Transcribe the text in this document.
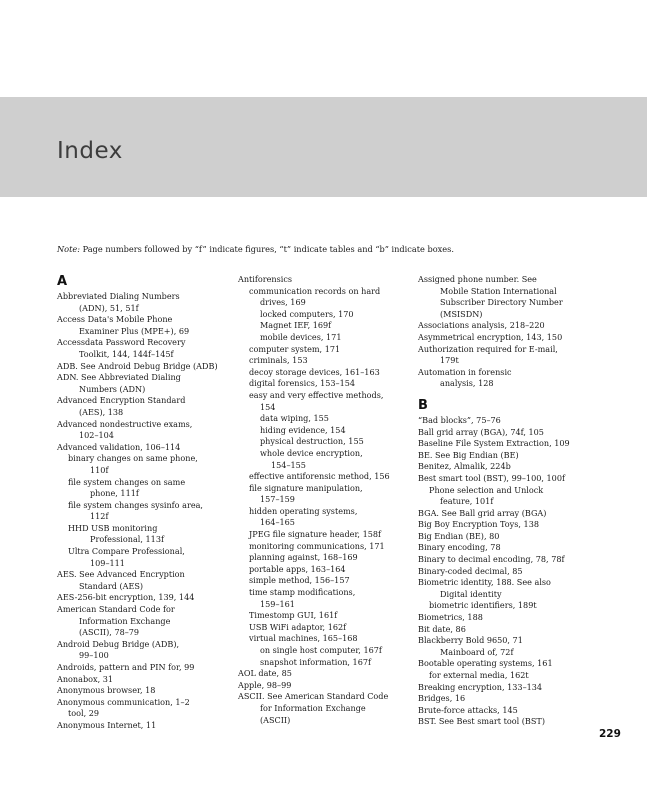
Index
Note: Page numbers followed by “f” indicate figures, “t” indicate tables and “b” indicate boxes.
A
Abbreviated Dialing Numbers
(ADN), 51, 51f
Access Data's Mobile Phone
Examiner Plus (MPE+), 69
Accessdata Password Recovery
Toolkit, 144, 144f–145f
ADB. See Android Debug Bridge (ADB)
ADN. See Abbreviated Dialing
Numbers (ADN)
Advanced Encryption Standard
(AES), 138
Advanced nondestructive exams,
102–104
Advanced validation, 106–114
binary changes on same phone,
110f
file system changes on same
phone, 111f
file system changes sysinfo area,
112f
HHD USB monitoring
Professional, 113f
Ultra Compare Professional,
109–111
AES. See Advanced Encryption
Standard (AES)
AES-256-bit encryption, 139, 144
American Standard Code for
Information Exchange
(ASCII), 78–79
Android Debug Bridge (ADB),
99–100
Androids, pattern and PIN for, 99
Anonabox, 31
Anonymous browser, 18
Anonymous communication, 1–2
tool, 29
Anonymous Internet, 11
Antiforensics
communication records on hard
drives, 169
locked computers, 170
Magnet IEF, 169f
mobile devices, 171
computer system, 171
criminals, 153
decoy storage devices, 161–163
digital forensics, 153–154
easy and very effective methods,
154
data wiping, 155
hiding evidence, 154
physical destruction, 155
whole device encryption,
154–155
effective antiforensic method, 156
file signature manipulation,
157–159
hidden operating systems,
164–165
JPEG file signature header, 158f
monitoring communications, 171
planning against, 168–169
portable apps, 163–164
simple method, 156–157
time stamp modifications,
159–161
Timestomp GUI, 161f
USB WiFi adaptor, 162f
virtual machines, 165–168
on single host computer, 167f
snapshot information, 167f
AOL date, 85
Apple, 98–99
ASCII. See American Standard Code
for Information Exchange
(ASCII)
Assigned phone number. See
Mobile Station International
Subscriber Directory Number
(MSISDN)
Associations analysis, 218–220
Asymmetrical encryption, 143, 150
Authorization required for E-mail,
179t
Automation in forensic
analysis, 128
B
“Bad blocks”, 75–76
Ball grid array (BGA), 74f, 105
Baseline File System Extraction, 109
BE. See Big Endian (BE)
Benitez, Almalik, 224b
Best smart tool (BST), 99–100, 100f
Phone selection and Unlock
feature, 101f
BGA. See Ball grid array (BGA)
Big Boy Encryption Toys, 138
Big Endian (BE), 80
Binary encoding, 78
Binary to decimal encoding, 78, 78f
Binary-coded decimal, 85
Biometric identity, 188. See also
Digital identity
biometric identifiers, 189t
Biometrics, 188
Bit date, 86
Blackberry Bold 9650, 71
Mainboard of, 72f
Bootable operating systems, 161
for external media, 162t
Breaking encryption, 133–134
Bridges, 16
Brute-force attacks, 145
BST. See Best smart tool (BST)
229
